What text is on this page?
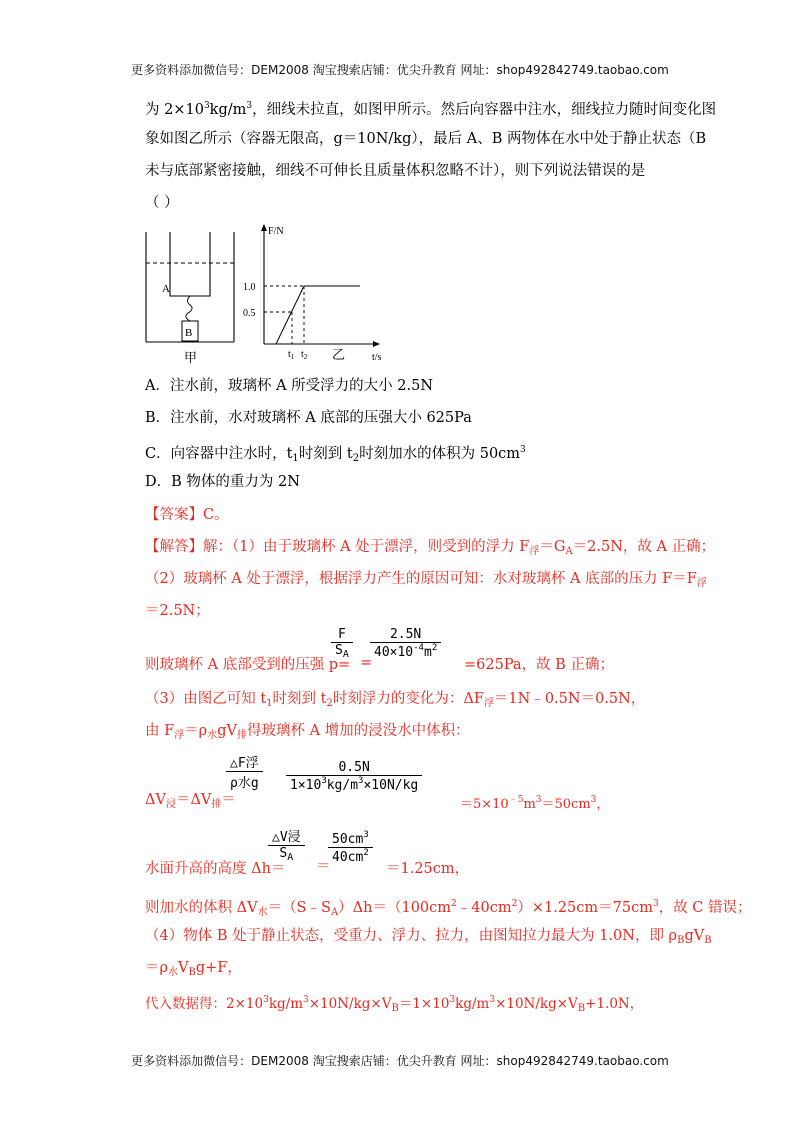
更多资料添加微信号：DEM2008 淘宝搜索店铺：优尖升教育 网址：shop492842749.taobao.com
为 $2\times 10^3kg/m^3$，细线未拉直，如图甲所示。然后向容器中注水，细线拉力随时间变化图
象如图乙所示（容器无限高，g＝10N/kg），最后 A、B 两物体在水中处于静止状态（B
未与底部紧密接触，细线不可伸长且质量体积忽略不计），则下列说法错误的是
（ ）
A
B
甲
F/N
t/s
1.0
0.5
$t_1$ $t_2$ 乙
A．注水前，玻璃杯 A 所受浮力的大小 2.5N
B．注水前，水对玻璃杯 A 底部的压强大小 625Pa
C．向容器中注水时，$t_1$时刻到 $t_2$时刻加水的体积为 $50cm^3$
D．B 物体的重力为 2N
【答案】C。
【解答】解：（1）由于玻璃杯 A 处于漂浮，则受到的浮力 $F_浮=G_A=2.5N$，故 A 正确；
（2）玻璃杯 A 处于漂浮，根据浮力产生的原因可知：水对玻璃杯 A 底部的压力 $F=F_浮$
＝2.5N；
则玻璃杯 A 底部受到的压强 p=
$\frac{F}{S_A}$
=
$\frac{2.5N}{40\times 10^{-4}m^2}$
=625Pa，故 B 正确；
（3）由图乙可知 $t_1$时刻到 $t_2$时刻浮力的变化为：$\Delta F_浮=1N﹣0.5N=0.5N$，
由 $F_浮=\rho_水gV_排$得玻璃杯 A 增加的浸没水中体积：
$\Delta V_浸=\Delta V_排=$
△F浮
ρ水g	$\frac{0.5N}{1\times 10^3kg/m^3\times 10N/kg}$
$=5\times 10^{﹣5}m^3=50cm^3$，
水面升高的高度 Δh＝
△V浸
$S_A$
＝
$\frac{50cm^3}{40cm^2}$
＝1.25cm，
则加水的体积 $\Delta V_水=(S﹣S_A)\Delta h=(100cm^2﹣40cm^2)\times 1.25cm=75cm^3$，故 C 错误；
（4）物体 B 处于静止状态，受重力、浮力、拉力，由图知拉力最大为 1.0N，即 $\rho_BgV_B$
$=\rho_水V_Bg+F$，
代入数据得：$2\times 10^3kg/m^3\times 10N/kg\times V_B=1\times 10^3kg/m^3\times 10N/kg\times V_B+1.0N$，
更多资料添加微信号：DEM2008 淘宝搜索店铺：优尖升教育 网址：shop492842749.taobao.com
